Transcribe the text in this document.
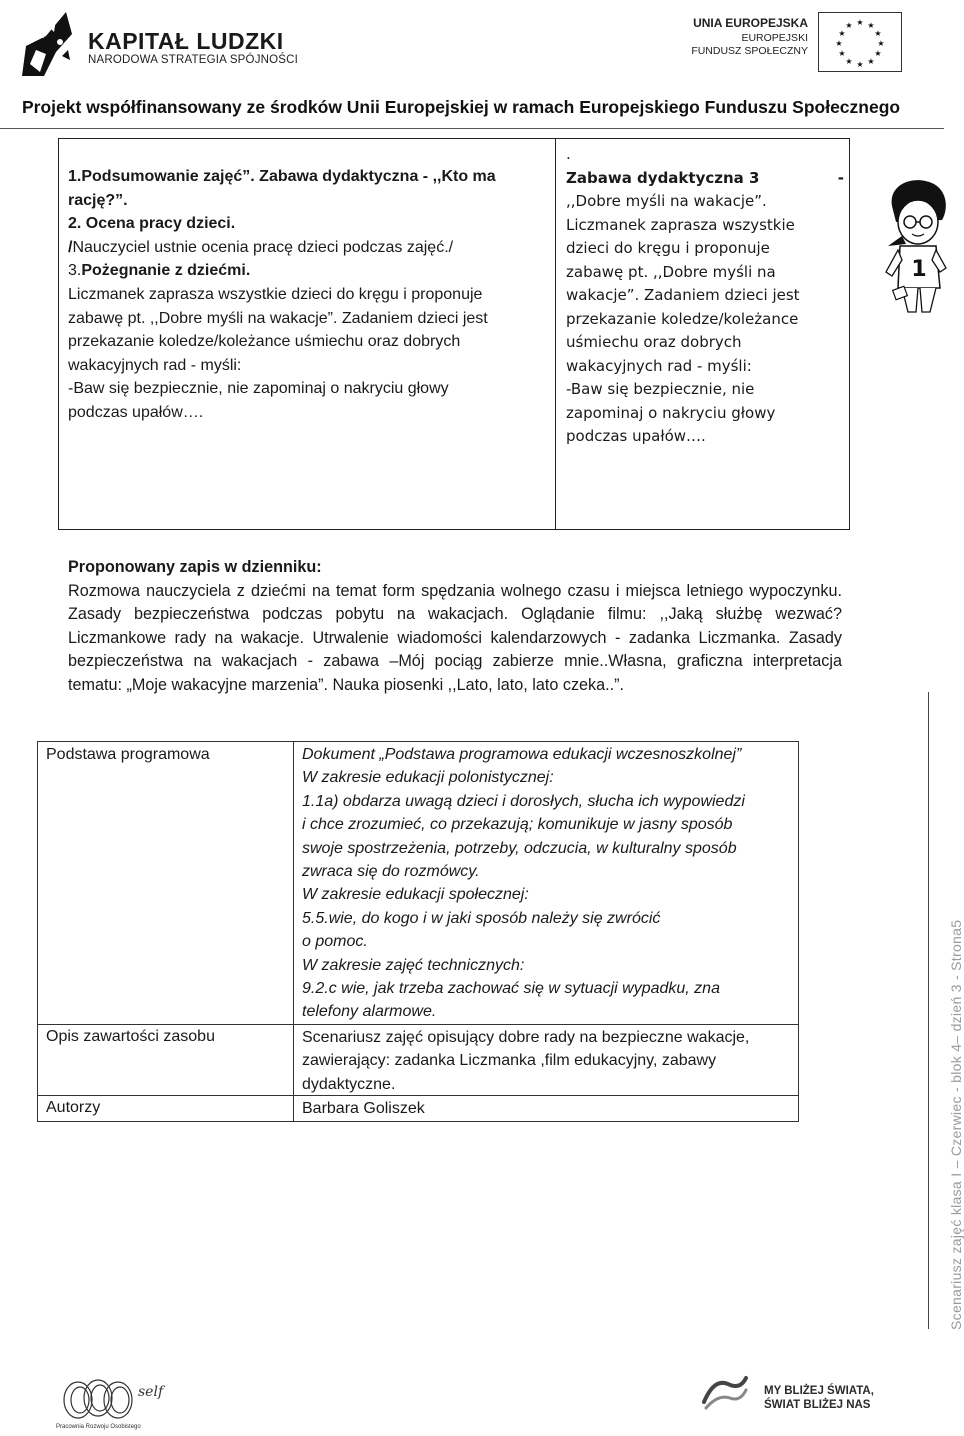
KAPITAŁ LUDZKI
NARODOWA STRATEGIA SPÓJNOŚCI
UNIA EUROPEJSKA
EUROPEJSKI
FUNDUSZ SPOŁECZNY
★ ★
★
★
★
★
★
★
★
★
★
★
Projekt współfinansowany ze środków Unii Europejskiej w ramach Europejskiego Funduszu Społecznego
1.Podsumowanie zajęć”. Zabawa dydaktyczna - ,,Kto ma
rację?”.
2. Ocena pracy dzieci.
/Nauczyciel ustnie ocenia pracę dzieci podczas zajęć./
3.Pożegnanie z dziećmi.
Liczmanek zaprasza wszystkie dzieci do kręgu i proponuje
zabawę pt. ,,Dobre myśli na wakacje”. Zadaniem dzieci jest
przekazanie koledze/koleżance uśmiechu oraz dobrych
wakacyjnych rad - myśli:
-Baw się bezpiecznie, nie zapominaj o nakryciu głowy
podczas upałów….
.
Zabawa dydaktyczna 3	-
,,Dobre myśli na wakacje”.
Liczmanek zaprasza wszystkie
dzieci do kręgu i proponuje
zabawę pt. ,,Dobre myśli na
wakacje”. Zadaniem dzieci jest
przekazanie koledze/koleżance
uśmiechu oraz dobrych
wakacyjnych rad - myśli:
-Baw się bezpiecznie, nie
zapominaj o nakryciu głowy
podczas upałów….
1
Proponowany zapis w dzienniku:
Rozmowa nauczyciela z dziećmi na temat form spędzania wolnego czasu i miejsca letniego wypoczynku. Zasady bezpieczeństwa podczas pobytu na wakacjach. Oglądanie filmu: ,,Jaką służbę wezwać? Liczmankowe rady na wakacje. Utrwalenie wiadomości kalendarzowych - zadanka Liczmanka. Zasady bezpieczeństwa na wakacjach - zabawa –Mój pociąg zabierze mnie..Własna, graficzna interpretacja tematu: „Moje wakacyjne marzenia”. Nauka piosenki ,,Lato, lato, lato czeka..”.
Podstawa programowa	Dokument „Podstawa programowa edukacji wczesnoszkolnej”
W zakresie edukacji polonistycznej:
1.1a) obdarza uwagą dzieci i dorosłych, słucha ich wypowiedzi
i chce zrozumieć, co przekazują; komunikuje w jasny sposób
swoje spostrzeżenia, potrzeby, odczucia, w kulturalny sposób
zwraca się do rozmówcy.
W zakresie edukacji społecznej:
5.5.wie, do kogo i w jaki sposób należy się zwrócić
o pomoc.
W zakresie zajęć technicznych:
9.2.c wie, jak trzeba zachować się w sytuacji wypadku, zna
telefony alarmowe.
Opis zawartości zasobu	Scenariusz zajęć opisujący dobre rady na bezpieczne wakacje,
zawierający: zadanka Liczmanka ,film edukacyjny, zabawy
dydaktyczne.
Autorzy	Barbara Goliszek	Scenariusz zajęć klasa I – Czerwiec - blok 4– dzień 3 - Strona5
self
Pracownia Rozwoju Osobistego
MY BLIŻEJ ŚWIATA,
ŚWIAT BLIŻEJ NAS
